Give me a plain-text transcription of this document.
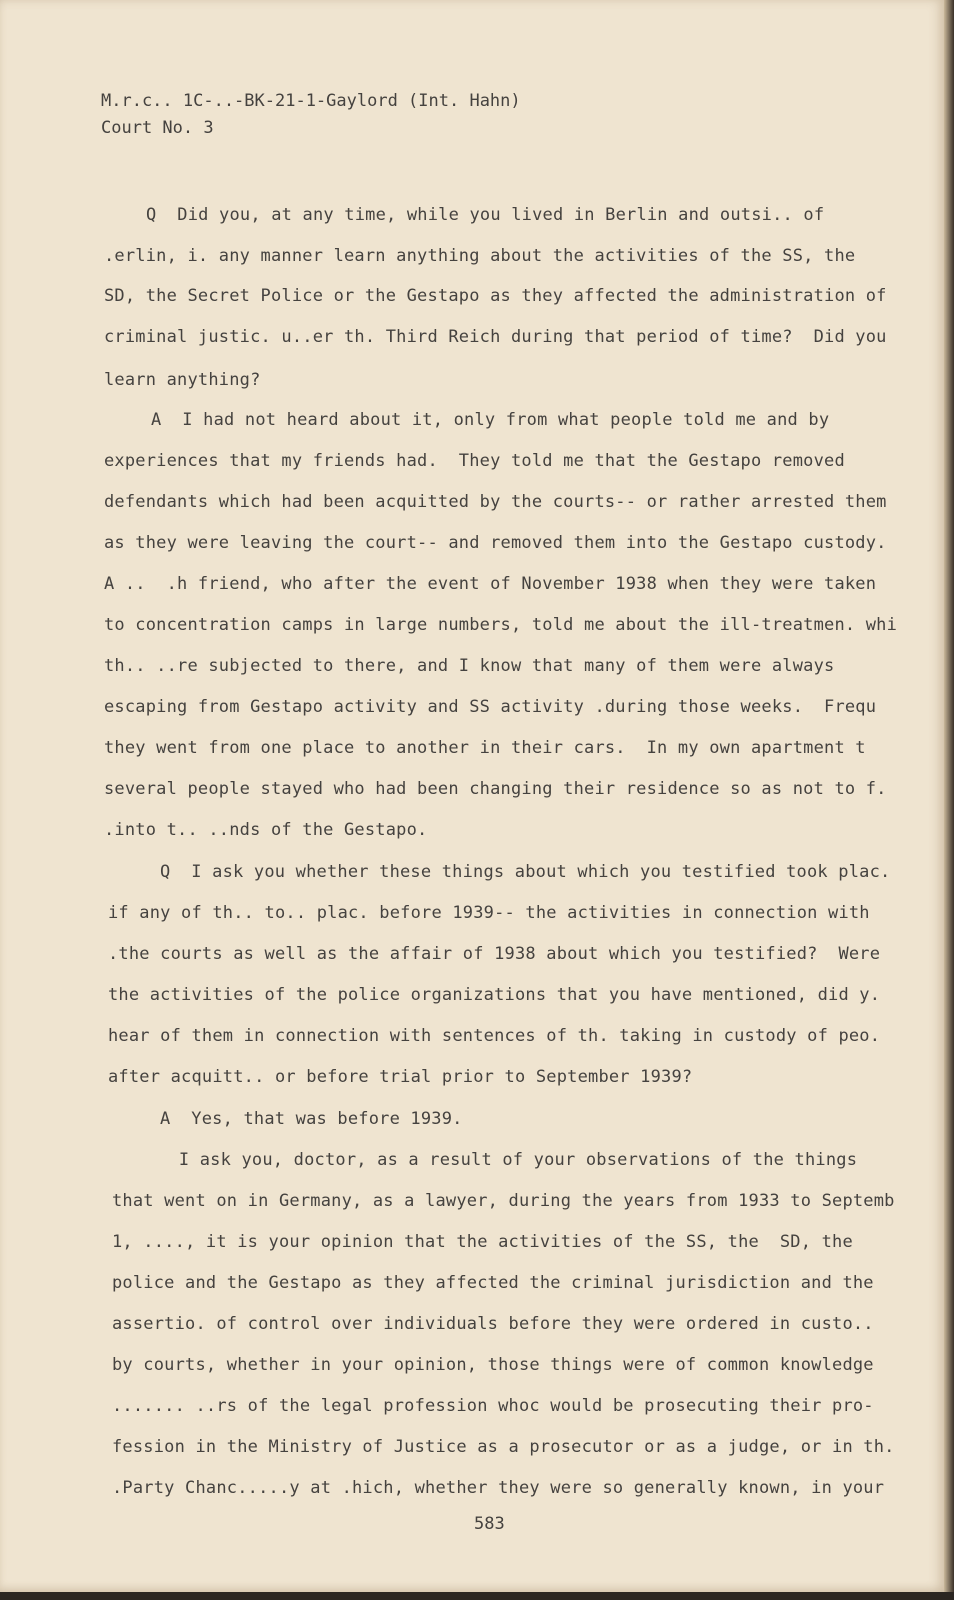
M.r.c.. 1C-..-BK-21-1-Gaylord (Int. Hahn)
Court No. 3
Q  Did you, at any time, while you lived in Berlin and outsi.. of
.erlin, i. any manner learn anything about the activities of the SS, the
SD, the Secret Police or the Gestapo as they affected the administration of
criminal justic. u..er th. Third Reich during that period of time?  Did you
learn anything?
A  I had not heard about it, only from what people told me and by
experiences that my friends had.  They told me that the Gestapo removed
defendants which had been acquitted by the courts-- or rather arrested them
as they were leaving the court-- and removed them into the Gestapo custody.
A ..  .h friend, who after the event of November 1938 when they were taken
to concentration camps in large numbers, told me about the ill-treatmen. whi
th.. ..re subjected to there, and I know that many of them were always
escaping from Gestapo activity and SS activity .during those weeks.  Frequ
they went from one place to another in their cars.  In my own apartment t
several people stayed who had been changing their residence so as not to f.
.into t.. ..nds of the Gestapo.
Q  I ask you whether these things about which you testified took plac.
if any of th.. to.. plac. before 1939-- the activities in connection with
.the courts as well as the affair of 1938 about which you testified?  Were
the activities of the police organizations that you have mentioned, did y.
hear of them in connection with sentences of th. taking in custody of peo.
after acquitt.. or before trial prior to September 1939?
A  Yes, that was before 1939.
I ask you, doctor, as a result of your observations of the things
that went on in Germany, as a lawyer, during the years from 1933 to Septemb
1, ...., it is your opinion that the activities of the SS, the  SD, the
police and the Gestapo as they affected the criminal jurisdiction and the
assertio. of control over individuals before they were ordered in custo..
by courts, whether in your opinion, those things were of common knowledge
....... ..rs of the legal profession whoc would be prosecuting their pro-
fession in the Ministry of Justice as a prosecutor or as a judge, or in th.
.Party Chanc.....y at .hich, whether they were so generally known, in your
583
